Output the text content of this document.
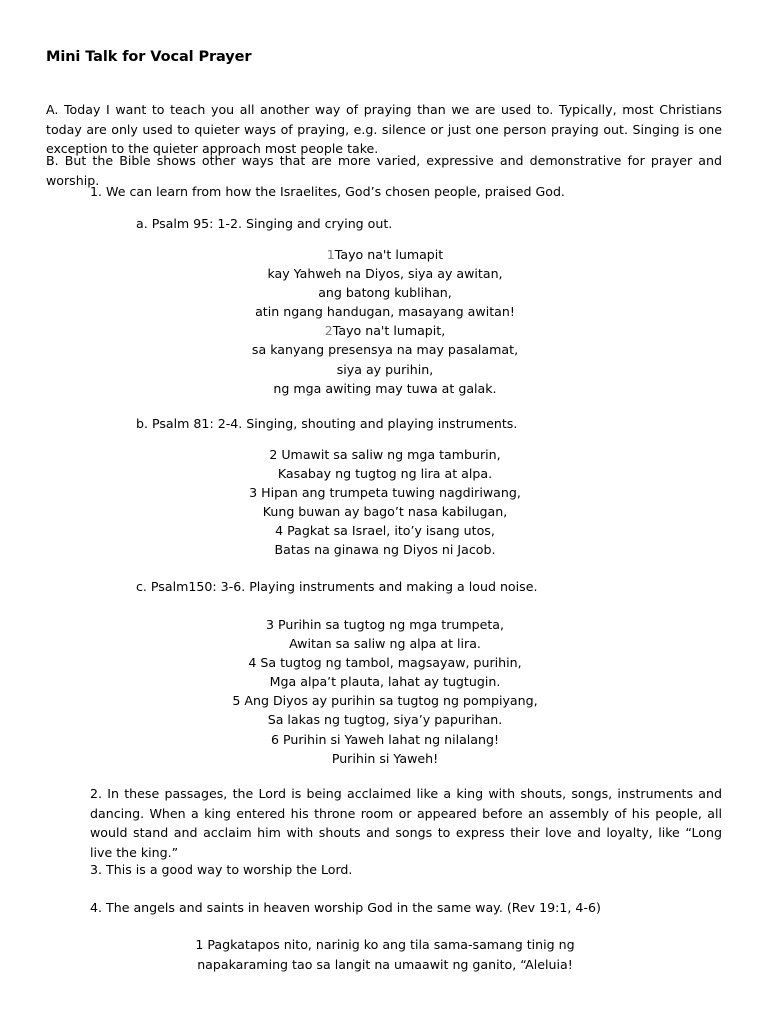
Mini Talk for Vocal Prayer

A. Today I want to teach you all another way of praying than we are used to. Typically, most Christians today are only used to quieter ways of praying, e.g. silence or just one person praying out. Singing is one exception to the quieter approach most people take.

B. But the Bible shows other ways that are more varied, expressive and demonstrative for prayer and worship.

1. We can learn from how the Israelites, God’s chosen people, praised God.

a. Psalm 95: 1-2. Singing and crying out.

1Tayo na't lumapit
kay Yahweh na Diyos, siya ay awitan,
ang batong kublihan,
atin ngang handugan, masayang awitan!
2Tayo na't lumapit,
sa kanyang presensya na may pasalamat,
siya ay purihin,
ng mga awiting may tuwa at galak.

b. Psalm 81: 2-4. Singing, shouting and playing instruments.

2 Umawit sa saliw ng mga tamburin,
Kasabay ng tugtog ng lira at alpa.
3 Hipan ang trumpeta tuwing nagdiriwang,
Kung buwan ay bago’t nasa kabilugan,
4 Pagkat sa Israel, ito’y isang utos,
Batas na ginawa ng Diyos ni Jacob.

c. Psalm150: 3-6. Playing instruments and making a loud noise.

3 Purihin sa tugtog ng mga trumpeta,
Awitan sa saliw ng alpa at lira.
4 Sa tugtog ng tambol, magsayaw, purihin,
Mga alpa’t plauta, lahat ay tugtugin.
5 Ang Diyos ay purihin sa tugtog ng pompiyang,
Sa lakas ng tugtog, siya’y papurihan.
6 Purihin si Yaweh lahat ng nilalang!
Purihin si Yaweh!

2. In these passages, the Lord is being acclaimed like a king with shouts, songs, instruments and dancing. When a king entered his throne room or appeared before an assembly of his people, all would stand and acclaim him with shouts and songs to express their love and loyalty, like “Long live the king.”

3. This is a good way to worship the Lord.

4. The angels and saints in heaven worship God in the same way. (Rev 19:1, 4-6)

1 Pagkatapos nito, narinig ko ang tila sama-samang tinig ng
napakaraming tao sa langit na umaawit ng ganito, “Aleluia!
